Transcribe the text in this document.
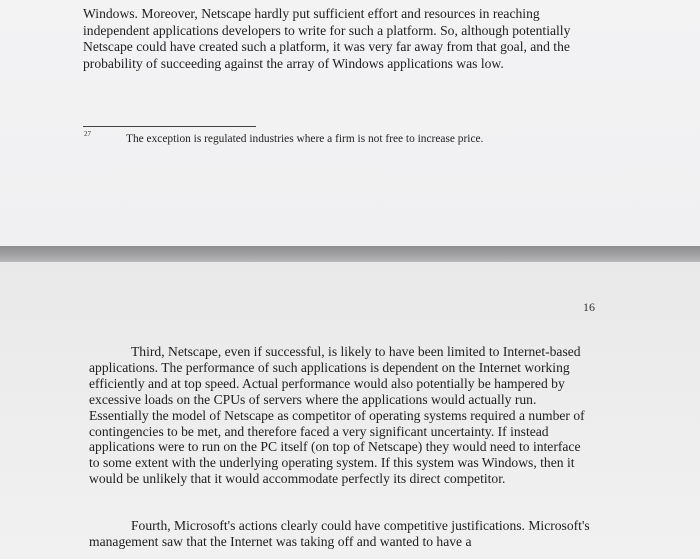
Windows. Moreover, Netscape hardly put sufficient effort and resources in reaching independent applications developers to write for such a platform. So, although potentially Netscape could have created such a platform, it was very far away from that goal, and the probability of succeeding against the array of Windows applications was low.

27	The exception is regulated industries where a firm is not free to increase price.
16

Third, Netscape, even if successful, is likely to have been limited to Internet-based applications. The performance of such applications is dependent on the Internet working efficiently and at top speed. Actual performance would also potentially be hampered by excessive loads on the CPUs of servers where the applications would actually run. Essentially the model of Netscape as competitor of operating systems required a number of contingencies to be met, and therefore faced a very significant uncertainty. If instead applications were to run on the PC itself (on top of Netscape) they would need to interface to some extent with the underlying operating system. If this system was Windows, then it would be unlikely that it would accommodate perfectly its direct competitor.

Fourth, Microsoft's actions clearly could have competitive justifications. Microsoft's management saw that the Internet was taking off and wanted to have a
